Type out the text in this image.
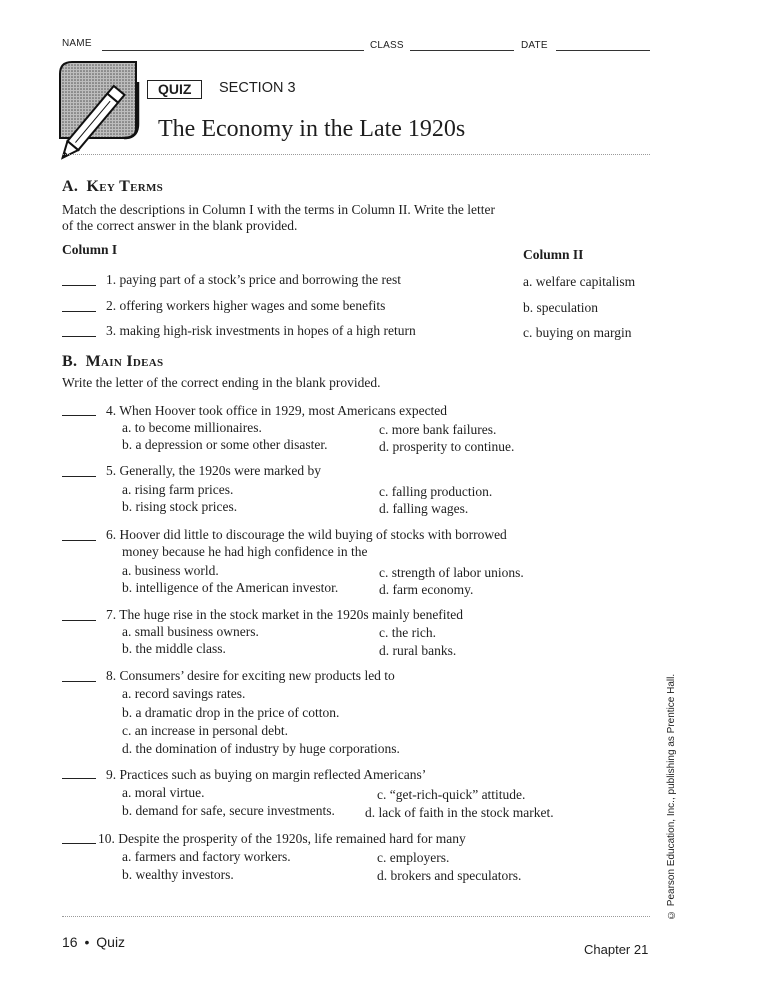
NAME	CLASS	DATE
QUIZ	SECTION 3
The Economy in the Late 1920s
A. Key Terms
Match the descriptions in Column I with the terms in Column II. Write the letter
of the correct answer in the blank provided.
Column I	Column II
1. paying part of a stock’s price and borrowing the rest	a. welfare capitalism
2. offering workers higher wages and some benefits	b. speculation
3. making high-risk investments in hopes of a high return	c. buying on margin
B. Main Ideas
Write the letter of the correct ending in the blank provided.
4. When Hoover took office in 1929, most Americans expected
a. to become millionaires.
b. a depression or some other disaster.
c. more bank failures.
d. prosperity to continue.
5. Generally, the 1920s were marked by
a. rising farm prices.
b. rising stock prices.
c. falling production.
d. falling wages.
6. Hoover did little to discourage the wild buying of stocks with borrowed
money because he had high confidence in the
a. business world.
b. intelligence of the American investor.
c. strength of labor unions.
d. farm economy.
7. The huge rise in the stock market in the 1920s mainly benefited
a. small business owners.
b. the middle class.
c. the rich.
d. rural banks.
8. Consumers’ desire for exciting new products led to
a. record savings rates.
b. a dramatic drop in the price of cotton.
c. an increase in personal debt.
d. the domination of industry by huge corporations.
9. Practices such as buying on margin reflected Americans’
a. moral virtue.
b. demand for safe, secure investments.
c. “get-rich-quick” attitude.
d. lack of faith in the stock market.
10. Despite the prosperity of the 1920s, life remained hard for many
a. farmers and factory workers.
b. wealthy investors.
c. employers.
d. brokers and speculators.	© Pearson Education, Inc., publishing as Prentice Hall.
16 • Quiz	Chapter 21
